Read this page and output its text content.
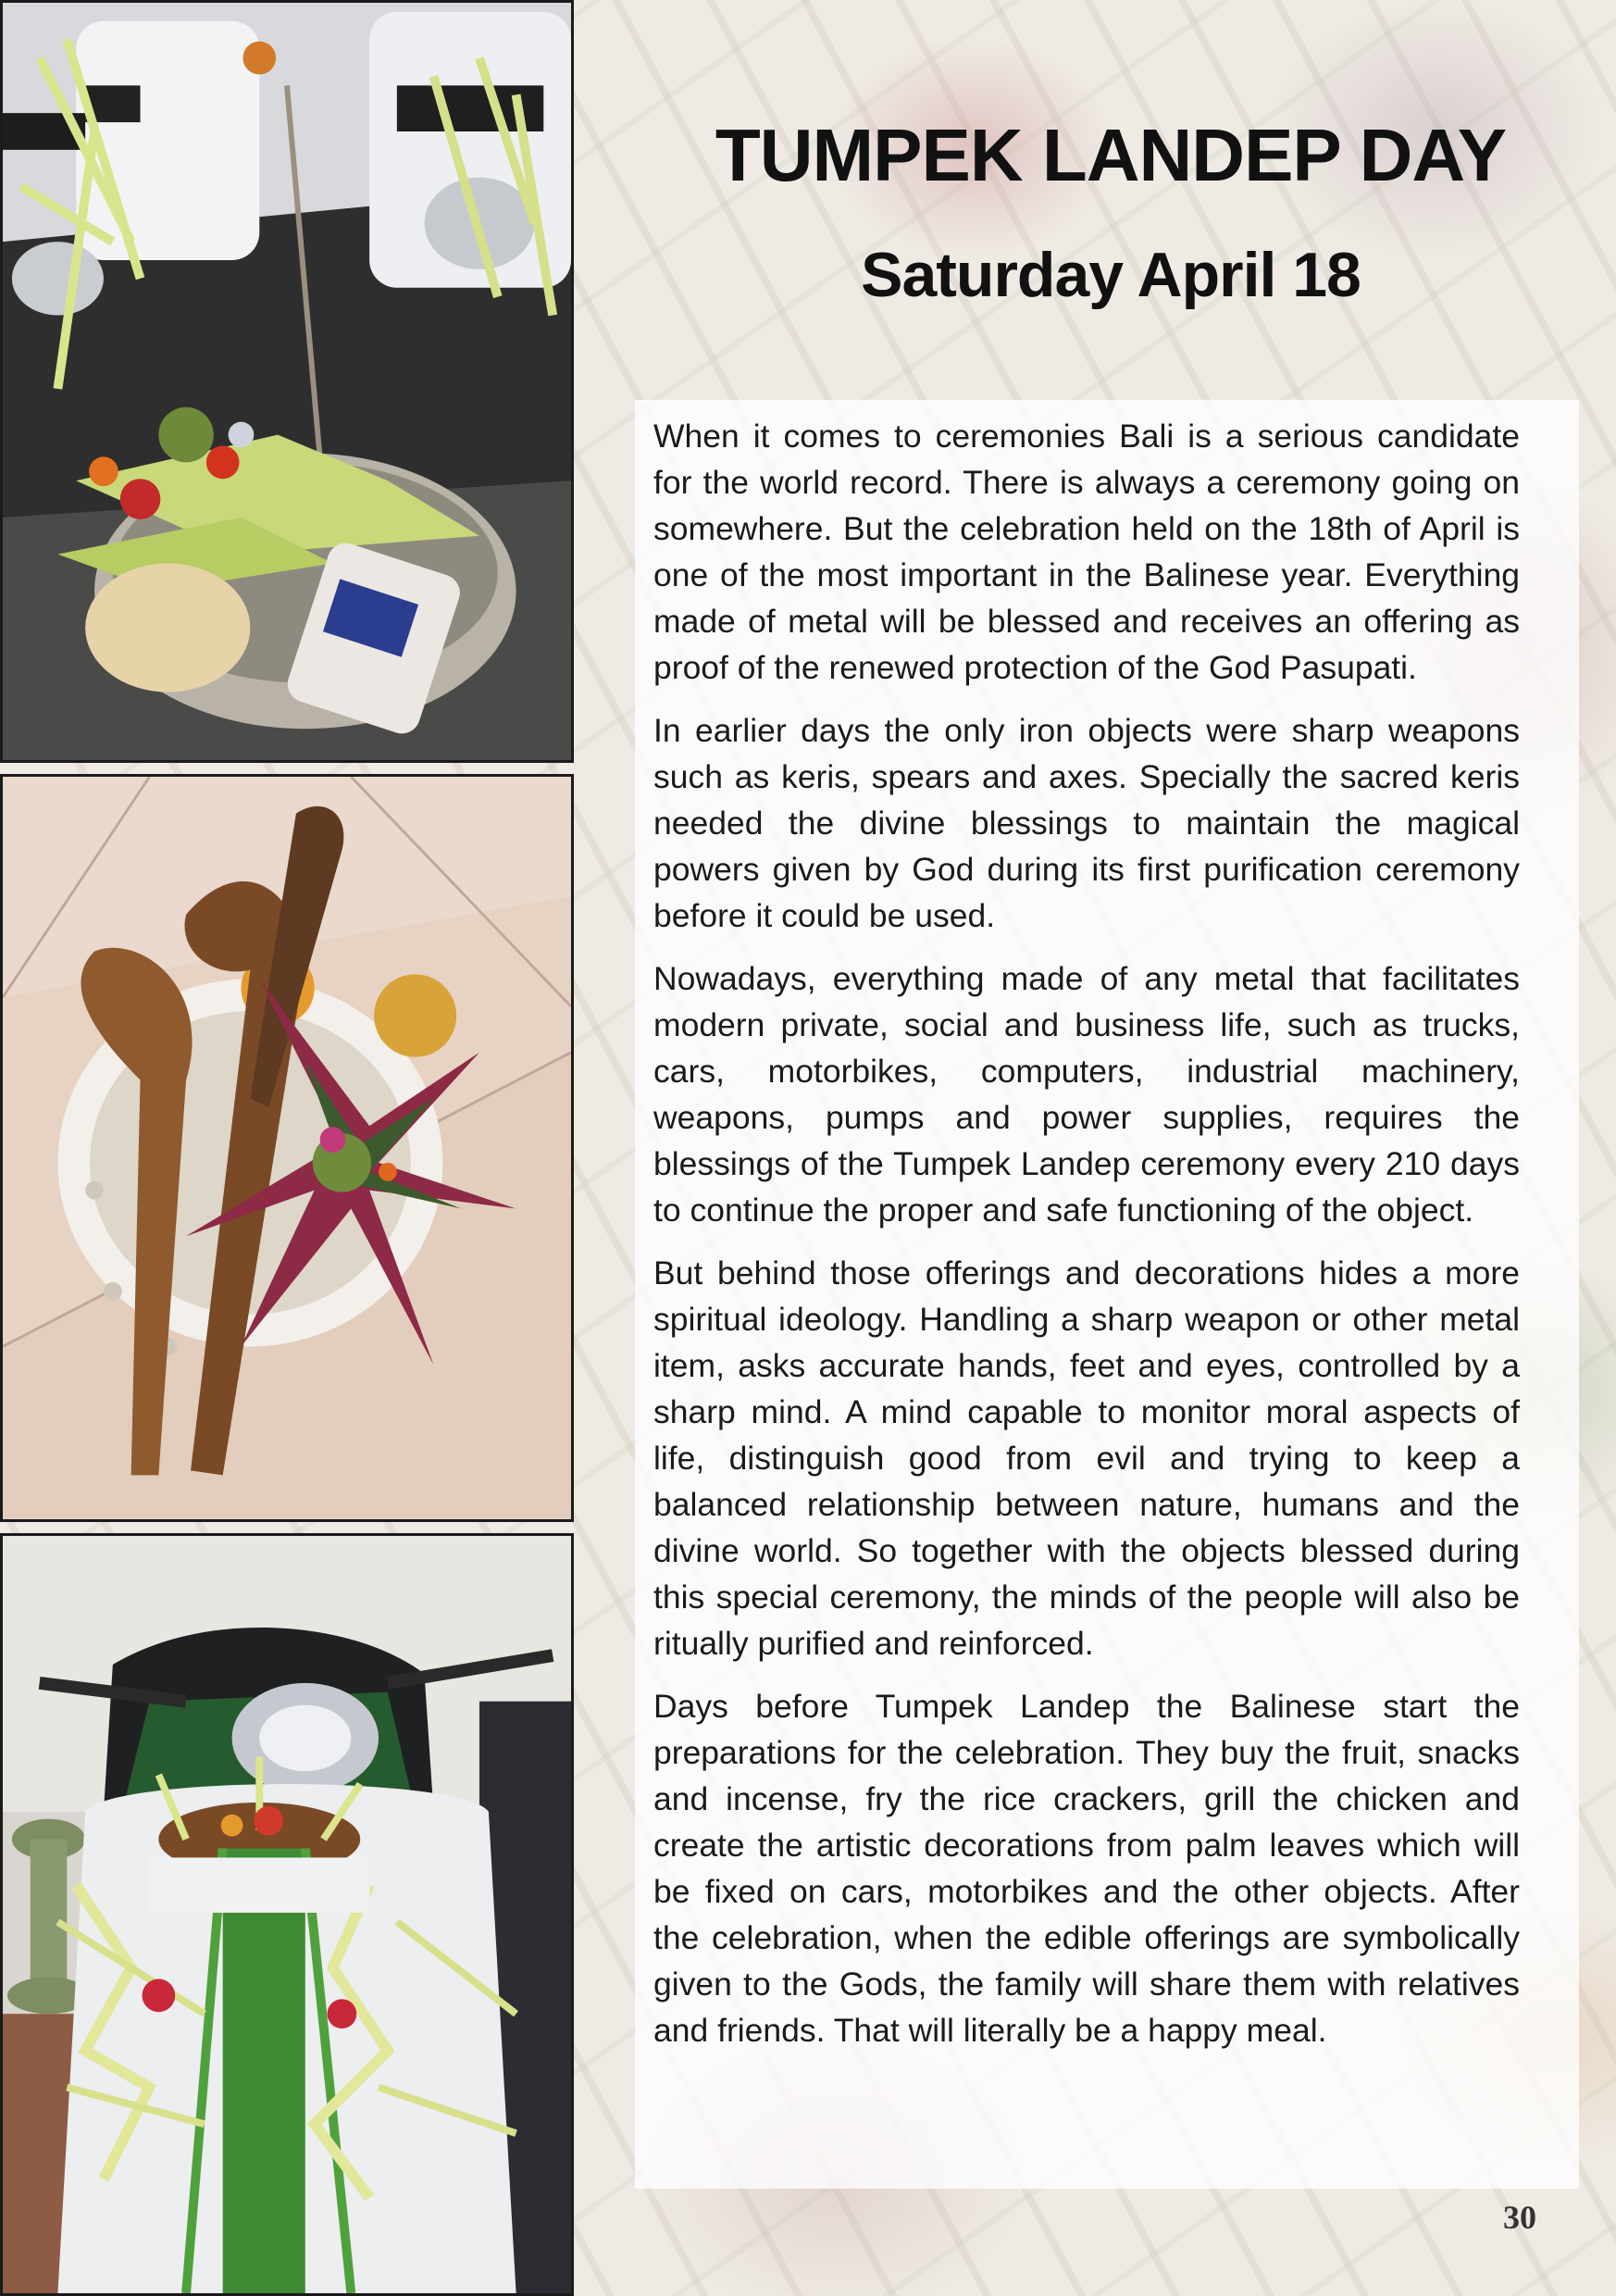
TUMPEK LANDEP DAY
Saturday April 18

When it comes to ceremonies Bali is a serious candidate for the world record. There is always a ceremony going on somewhere. But the celebration held on the 18th of April is one of the most important in the Balinese year. Everything made of metal will be blessed and receives an offering as proof of the renewed protection of the God Pasupati.

In earlier days the only iron objects were sharp weapons such as keris, spears and axes. Specially the sacred keris needed the divine blessings to maintain the magical powers given by God during its first purification ceremony before it could be used.

Nowadays, everything made of any metal that facilitates modern private, social and business life, such as trucks, cars, motorbikes, computers, industrial machinery, weapons, pumps and power supplies, requires the blessings of the Tumpek Landep ceremony every 210 days to continue the proper and safe functioning of the object.

But behind those offerings and decorations hides a more spiritual ideology. Handling a sharp weapon or other metal item, asks accurate hands, feet and eyes, controlled by a sharp mind. A mind capable to monitor moral aspects of life, distinguish good from evil and trying to keep a balanced relationship between nature, humans and the divine world. So together with the objects blessed during this special ceremony, the minds of the people will also be ritually purified and reinforced.

Days before Tumpek Landep the Balinese start the preparations for the celebration. They buy the fruit, snacks and incense, fry the rice crackers, grill the chicken and create the artistic decorations from palm leaves which will be fixed on cars, motorbikes and the other objects. After the celebration, when the edible offerings are symbolically given to the Gods, the family will share them with relatives and friends. That will literally be a happy meal.

30
